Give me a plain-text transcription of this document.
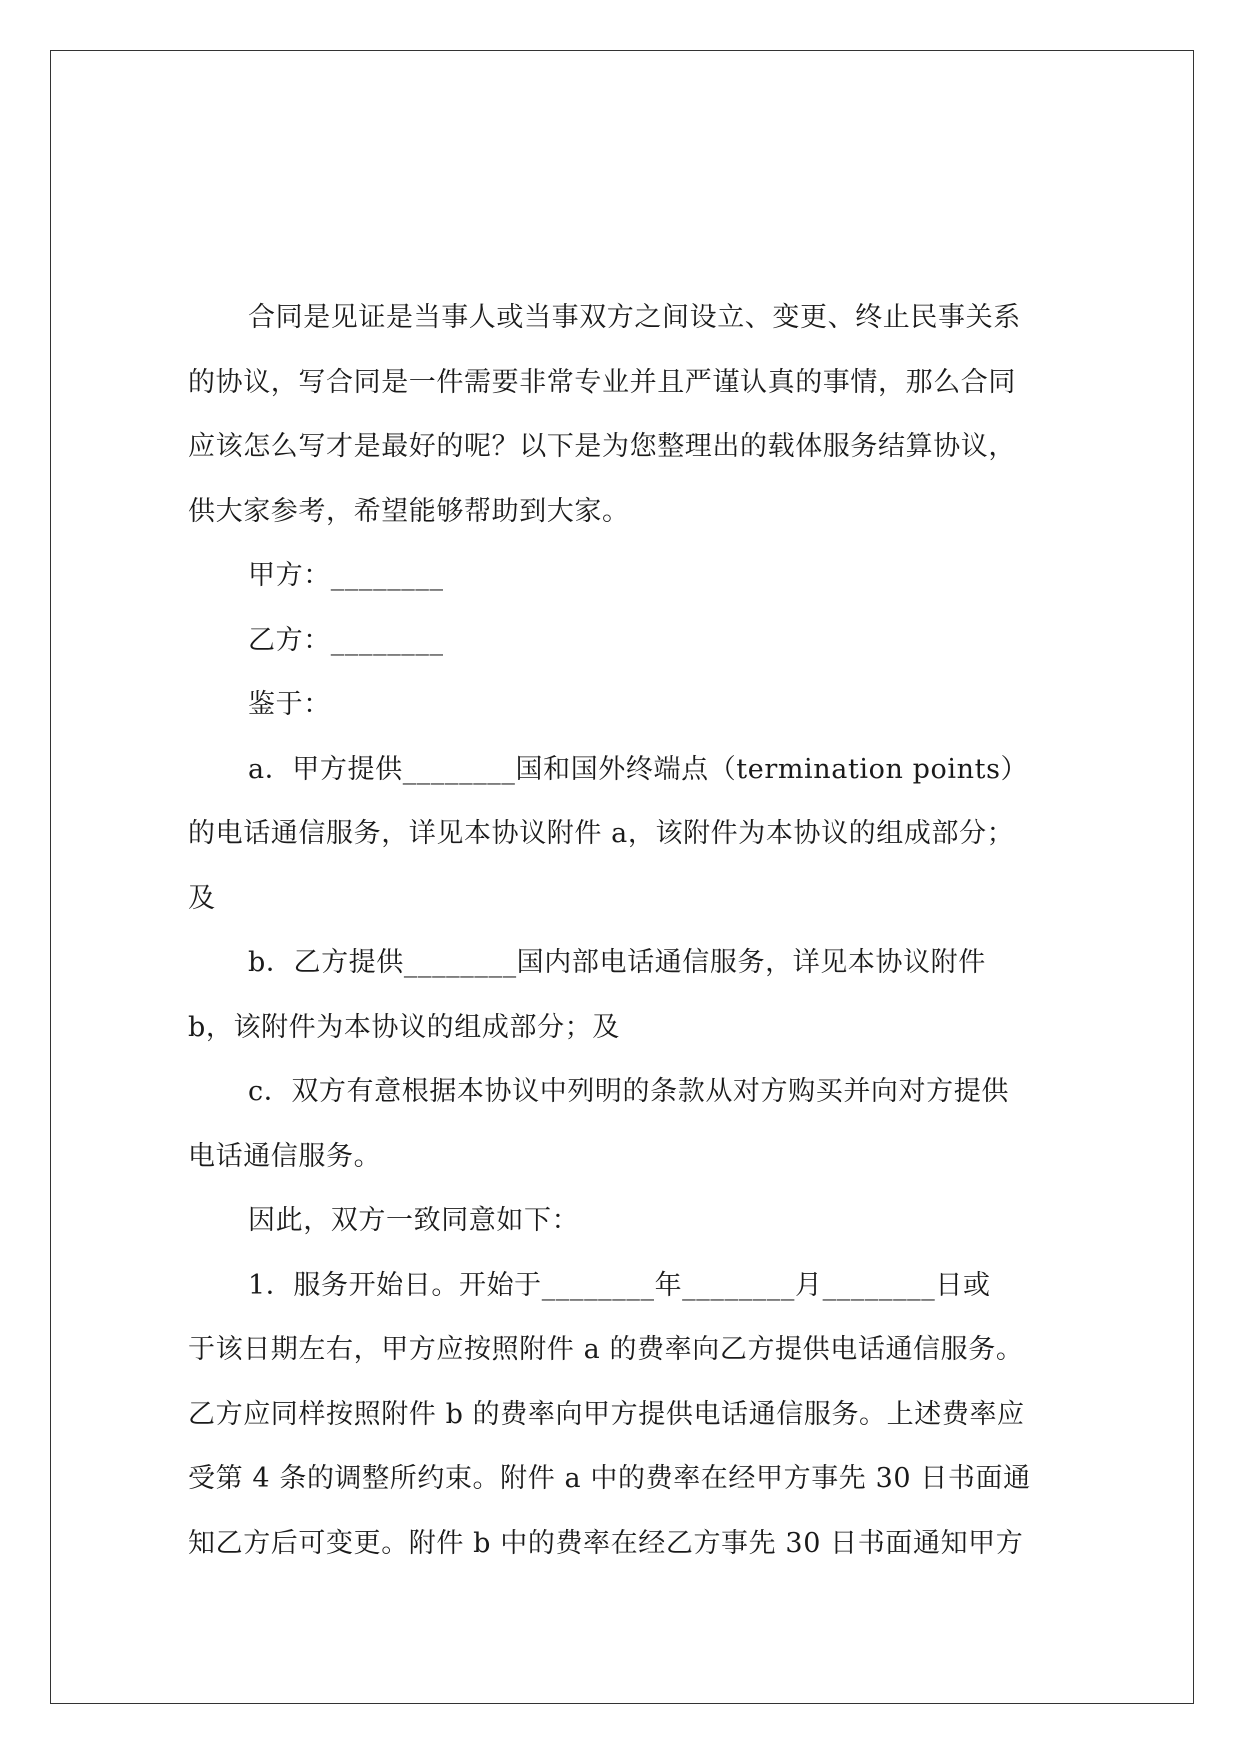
合同是见证是当事人或当事双方之间设立、变更、终止民事关系
的协议，写合同是一件需要非常专业并且严谨认真的事情，那么合同
应该怎么写才是最好的呢？以下是为您整理出的载体服务结算协议，
供大家参考，希望能够帮助到大家。

甲方：________

乙方：________

鉴于：

a．甲方提供________国和国外终端点（termination points）
的电话通信服务，详见本协议附件 a，该附件为本协议的组成部分；
及

b．乙方提供________国内部电话通信服务，详见本协议附件
b，该附件为本协议的组成部分；及

c．双方有意根据本协议中列明的条款从对方购买并向对方提供
电话通信服务。

因此，双方一致同意如下：

1．服务开始日。开始于________年________月________日或
于该日期左右，甲方应按照附件 a 的费率向乙方提供电话通信服务。
乙方应同样按照附件 b 的费率向甲方提供电话通信服务。上述费率应
受第 4 条的调整所约束。附件 a 中的费率在经甲方事先 30 日书面通
知乙方后可变更。附件 b 中的费率在经乙方事先 30 日书面通知甲方
